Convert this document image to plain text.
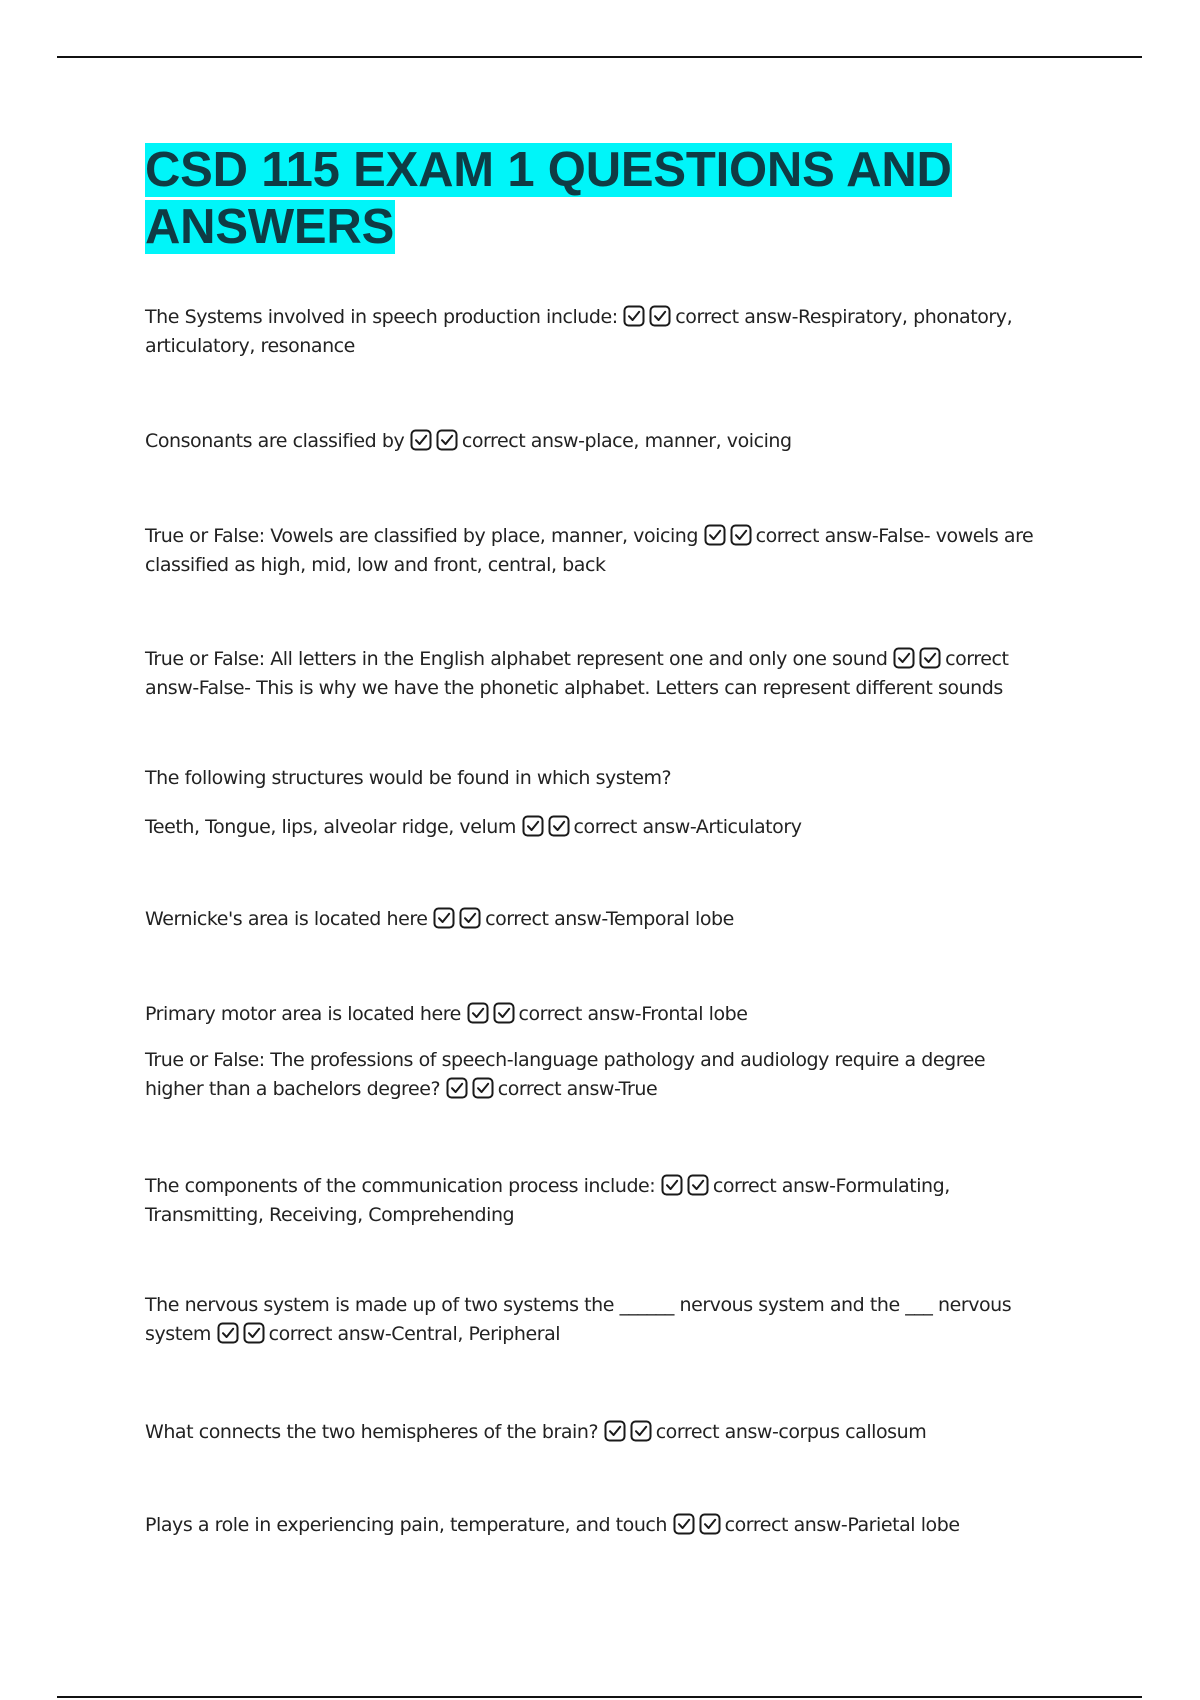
CSD 115 EXAM 1 QUESTIONS AND ANSWERS

The Systems involved in speech production include:	correct answ-Respiratory, phonatory, articulatory, resonance

Consonants are classified by	correct answ-place, manner, voicing

True or False: Vowels are classified by place, manner, voicing	correct answ-False- vowels are classified as high, mid, low and front, central, back

True or False: All letters in the English alphabet represent one and only one sound	correct answ-False- This is why we have the phonetic alphabet. Letters can represent different sounds

The following structures would be found in which system?

Teeth, Tongue, lips, alveolar ridge, velum	correct answ-Articulatory

Wernicke's area is located here	correct answ-Temporal lobe

Primary motor area is located here	correct answ-Frontal lobe

True or False: The professions of speech-language pathology and audiology require a degree higher than a bachelors degree?	correct answ-True

The components of the communication process include:	correct answ-Formulating, Transmitting, Receiving, Comprehending

The nervous system is made up of two systems the ______ nervous system and the ___ nervous system	correct answ-Central, Peripheral

What connects the two hemispheres of the brain?	correct answ-corpus callosum

Plays a role in experiencing pain, temperature, and touch	correct answ-Parietal lobe
